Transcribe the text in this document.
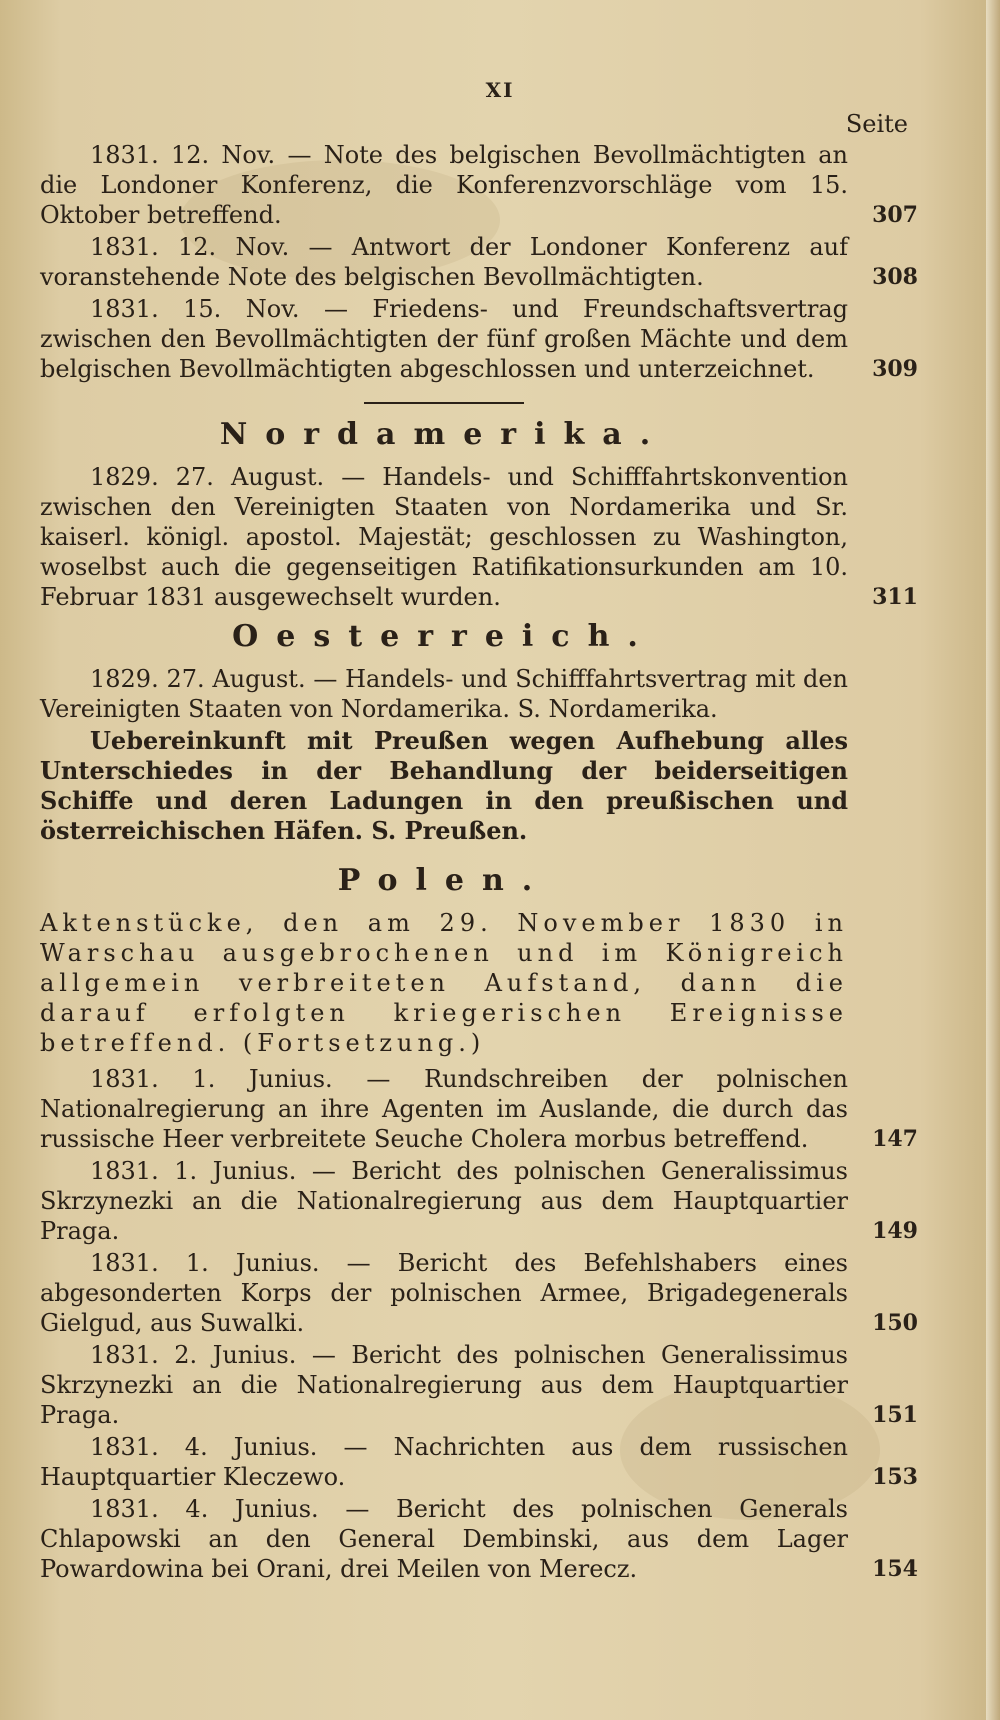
XI
Seite
1831. 12. Nov. — Note des belgischen Bevollmächtigten an die Londoner Konferenz, die Konferenzvorschläge vom 15. Oktober betreffend.	307
1831. 12. Nov. — Antwort der Londoner Konferenz auf voranstehende Note des belgischen Bevollmächtigten.	308
1831. 15. Nov. — Friedens- und Freundschaftsvertrag zwischen den Bevollmächtigten der fünf großen Mächte und dem belgischen Bevollmächtigten abgeschlossen und unterzeichnet.	309
Nordamerika.
1829. 27. August. — Handels- und Schifffahrtskonvention zwischen den Vereinigten Staaten von Nordamerika und Sr. kaiserl. königl. apostol. Majestät; geschlossen zu Washington, woselbst auch die gegenseitigen Ratifikationsurkunden am 10. Februar 1831 ausgewechselt wurden.	311
Oesterreich.
1829. 27. August. — Handels- und Schifffahrtsvertrag mit den Vereinigten Staaten von Nordamerika. S. Nordamerika.
Uebereinkunft mit Preußen wegen Aufhebung alles Unterschiedes in der Behandlung der beiderseitigen Schiffe und deren Ladungen in den preußischen und österreichischen Häfen. S. Preußen.
Polen.
Aktenstücke, den am 29. November 1830 in Warschau ausgebrochenen und im Königreich allgemein verbreiteten Aufstand, dann die darauf erfolgten kriegerischen Ereignisse betreffend. (Fortsetzung.)
1831. 1. Junius. — Rundschreiben der polnischen Nationalregierung an ihre Agenten im Auslande, die durch das russische Heer verbreitete Seuche Cholera morbus betreffend.	147
1831. 1. Junius. — Bericht des polnischen Generalissimus Skrzynezki an die Nationalregierung aus dem Hauptquartier Praga.	149
1831. 1. Junius. — Bericht des Befehlshabers eines abgesonderten Korps der polnischen Armee, Brigadegenerals Gielgud, aus Suwalki.	150
1831. 2. Junius. — Bericht des polnischen Generalissimus Skrzynezki an die Nationalregierung aus dem Hauptquartier Praga.	151
1831. 4. Junius. — Nachrichten aus dem russischen Hauptquartier Kleczewo.	153
1831. 4. Junius. — Bericht des polnischen Generals Chlapowski an den General Dembinski, aus dem Lager Powardowina bei Orani, drei Meilen von Merecz.	154
